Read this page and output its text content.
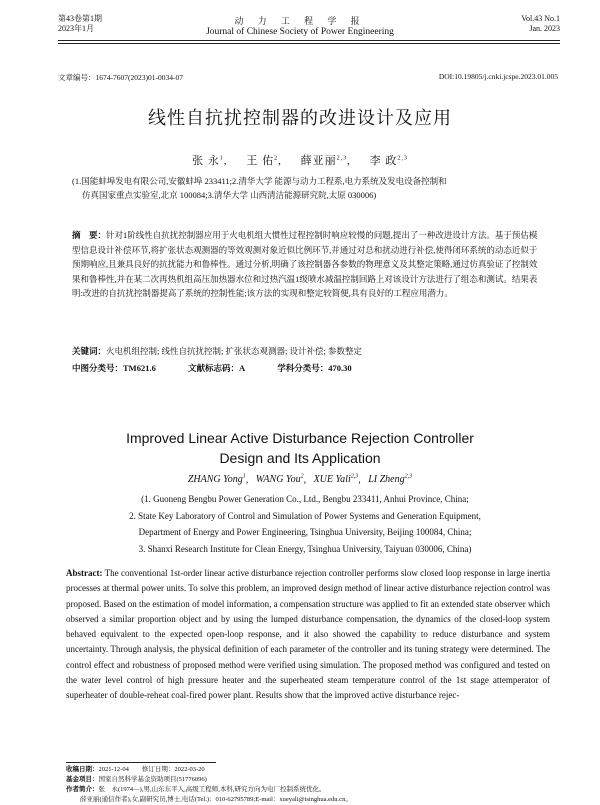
第43卷第1期
2023年1月
动 力 工 程 学 报
Journal of Chinese Society of Power Engineering
Vol.43 No.1
Jan. 2023
文章编号：1674-7607(2023)01-0034-07	DOI:10.19805/j.cnki.jcspe.2023.01.005
线性自抗扰控制器的改进设计及应用
张 永$^1$,     王 佑$^2$,     薛亚丽$^{2,3}$,     李 政$^{2,3}$
(1.国能蚌埠发电有限公司,安徽蚌埠 233411;2.清华大学 能源与动力工程系,电力系统及发电设备控制和
仿真国家重点实验室,北京 100084;3.清华大学 山西清洁能源研究院,太原 030006)
摘　要：针对1阶线性自抗扰控制器应用于火电机组大惯性过程控制时响应较慢的问题,提出了一种改进设计方法。基于预估模型信息设计补偿环节,将扩张状态观测器的等效观测对象近似比例环节,并通过对总和扰动进行补偿,使得闭环系统的动态近似于预期响应,且兼具良好的抗扰能力和鲁棒性。通过分析,明确了该控制器各参数的物理意义及其整定策略,通过仿真验证了控制效果和鲁棒性,并在某二次再热机组高压加热器水位和过热汽温1级喷水减温控制回路上对该设计方法进行了组态和测试。结果表明:改进的自抗扰控制器提高了系统的控制性能;该方法的实现和整定较简便,具有良好的工程应用潜力。
关键词：火电机组控制; 线性自抗扰控制; 扩张状态观测器; 设计补偿; 参数整定
中图分类号：TM621.6	文献标志码：A	学科分类号：470.30
Improved Linear Active Disturbance Rejection Controller
Design and Its Application
ZHANG Yong$^1$,   WANG You$^2$,   XUE Yali$^{2,3}$,   LI Zheng$^{2,3}$
(1. Guoneng Bengbu Power Generation Co., Ltd., Bengbu 233411, Anhui Province, China;
2. State Key Laboratory of Control and Simulation of Power Systems and Generation Equipment,
Department of Energy and Power Engineering, Tsinghua University, Beijing 100084, China;
3. Shanxi Research Institute for Clean Energy, Tsinghua University, Taiyuan 030006, China)
Abstract: The conventional 1st-order linear active disturbance rejection controller performs slow closed loop response in large inertia processes at thermal power units. To solve this problem, an improved design method of linear active disturbance rejection control was proposed. Based on the estimation of model information, a compensation structure was applied to fit an extended state observer which observed a similar proportion object and by using the lumped disturbance compensation, the dynamics of the closed-loop system behaved equivalent to the expected open-loop response, and it also showed the capability to reduce disturbance and system uncertainty. Through analysis, the physical definition of each parameter of the controller and its tuning strategy were determined. The control effect and robustness of proposed method were verified using simulation. The proposed method was configured and tested on the water level control of high pressure heater and the superheated steam temperature control of the 1st stage attemperator of superheater of double-reheat coal-fired power plant. Results show that the improved active disturbance rejec-
收稿日期：2021-12-04　　修订日期：2022-03-20
基金项目：国家自然科学基金资助项目(51776096)
作者简介：张　永(1974—),男,山东东平人,高级工程师,本科,研究方向为电厂控制系统优化。
薛亚丽(通信作者),女,副研究员,博士,电话(Tel.)：010-62795789;E-mail：xueyali@tsinghua.edu.cn。
